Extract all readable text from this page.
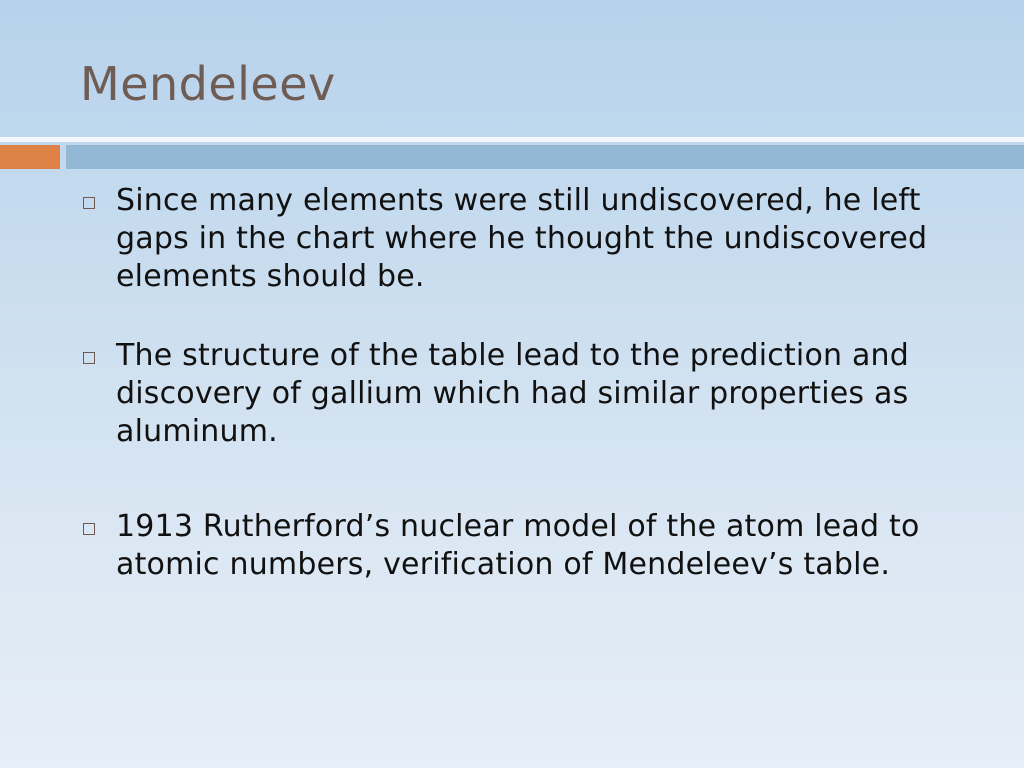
Mendeleev
Since many elements were still undiscovered, he left gaps in the chart where he thought the undiscovered elements should be.
The structure of the table lead to the prediction and discovery of gallium which had similar properties as aluminum.
1913 Rutherford’s nuclear model of the atom lead to atomic numbers, verification of Mendeleev’s table.
